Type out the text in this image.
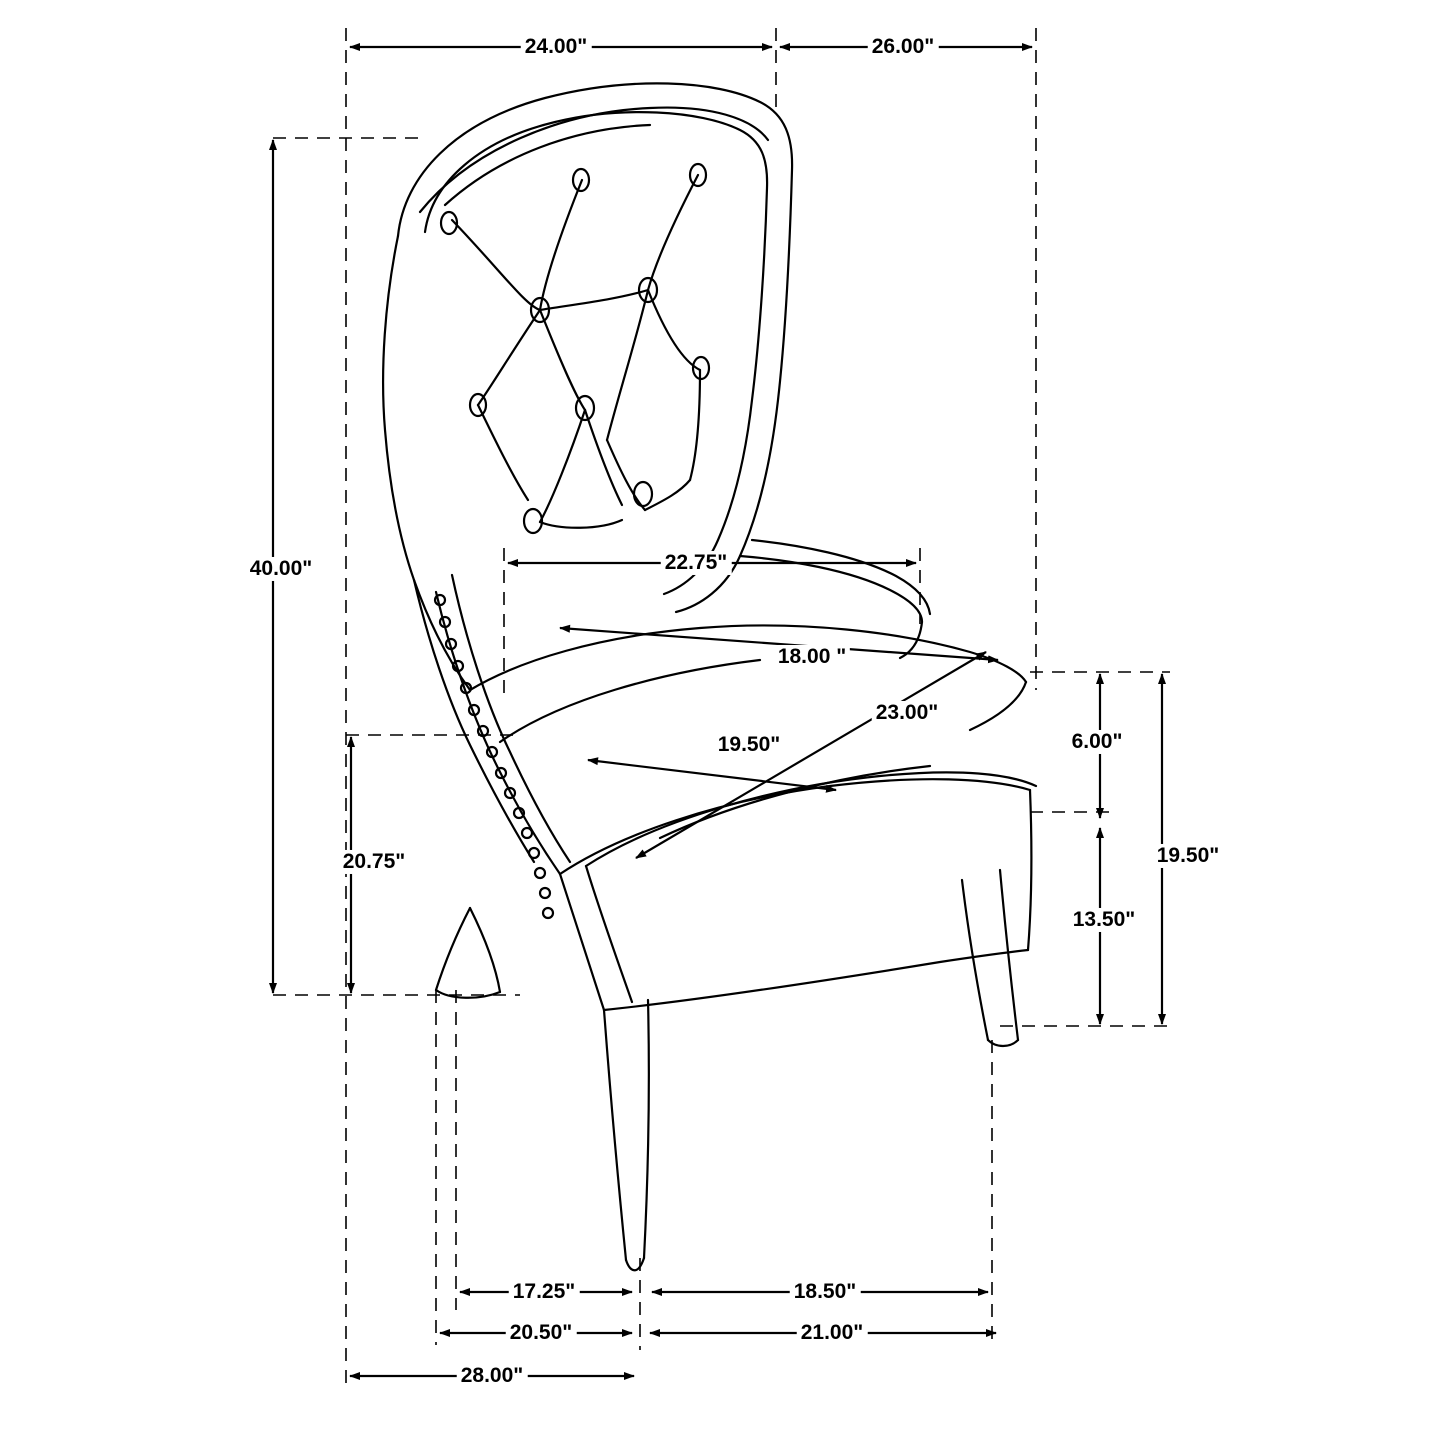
24.00"	26.00"
40.00"	22.75"
18.00 "
23.00"
19.50"
20.75"
6.00"
19.50"
13.50"
17.25"	18.50"
20.50"	21.00"
28.00"
